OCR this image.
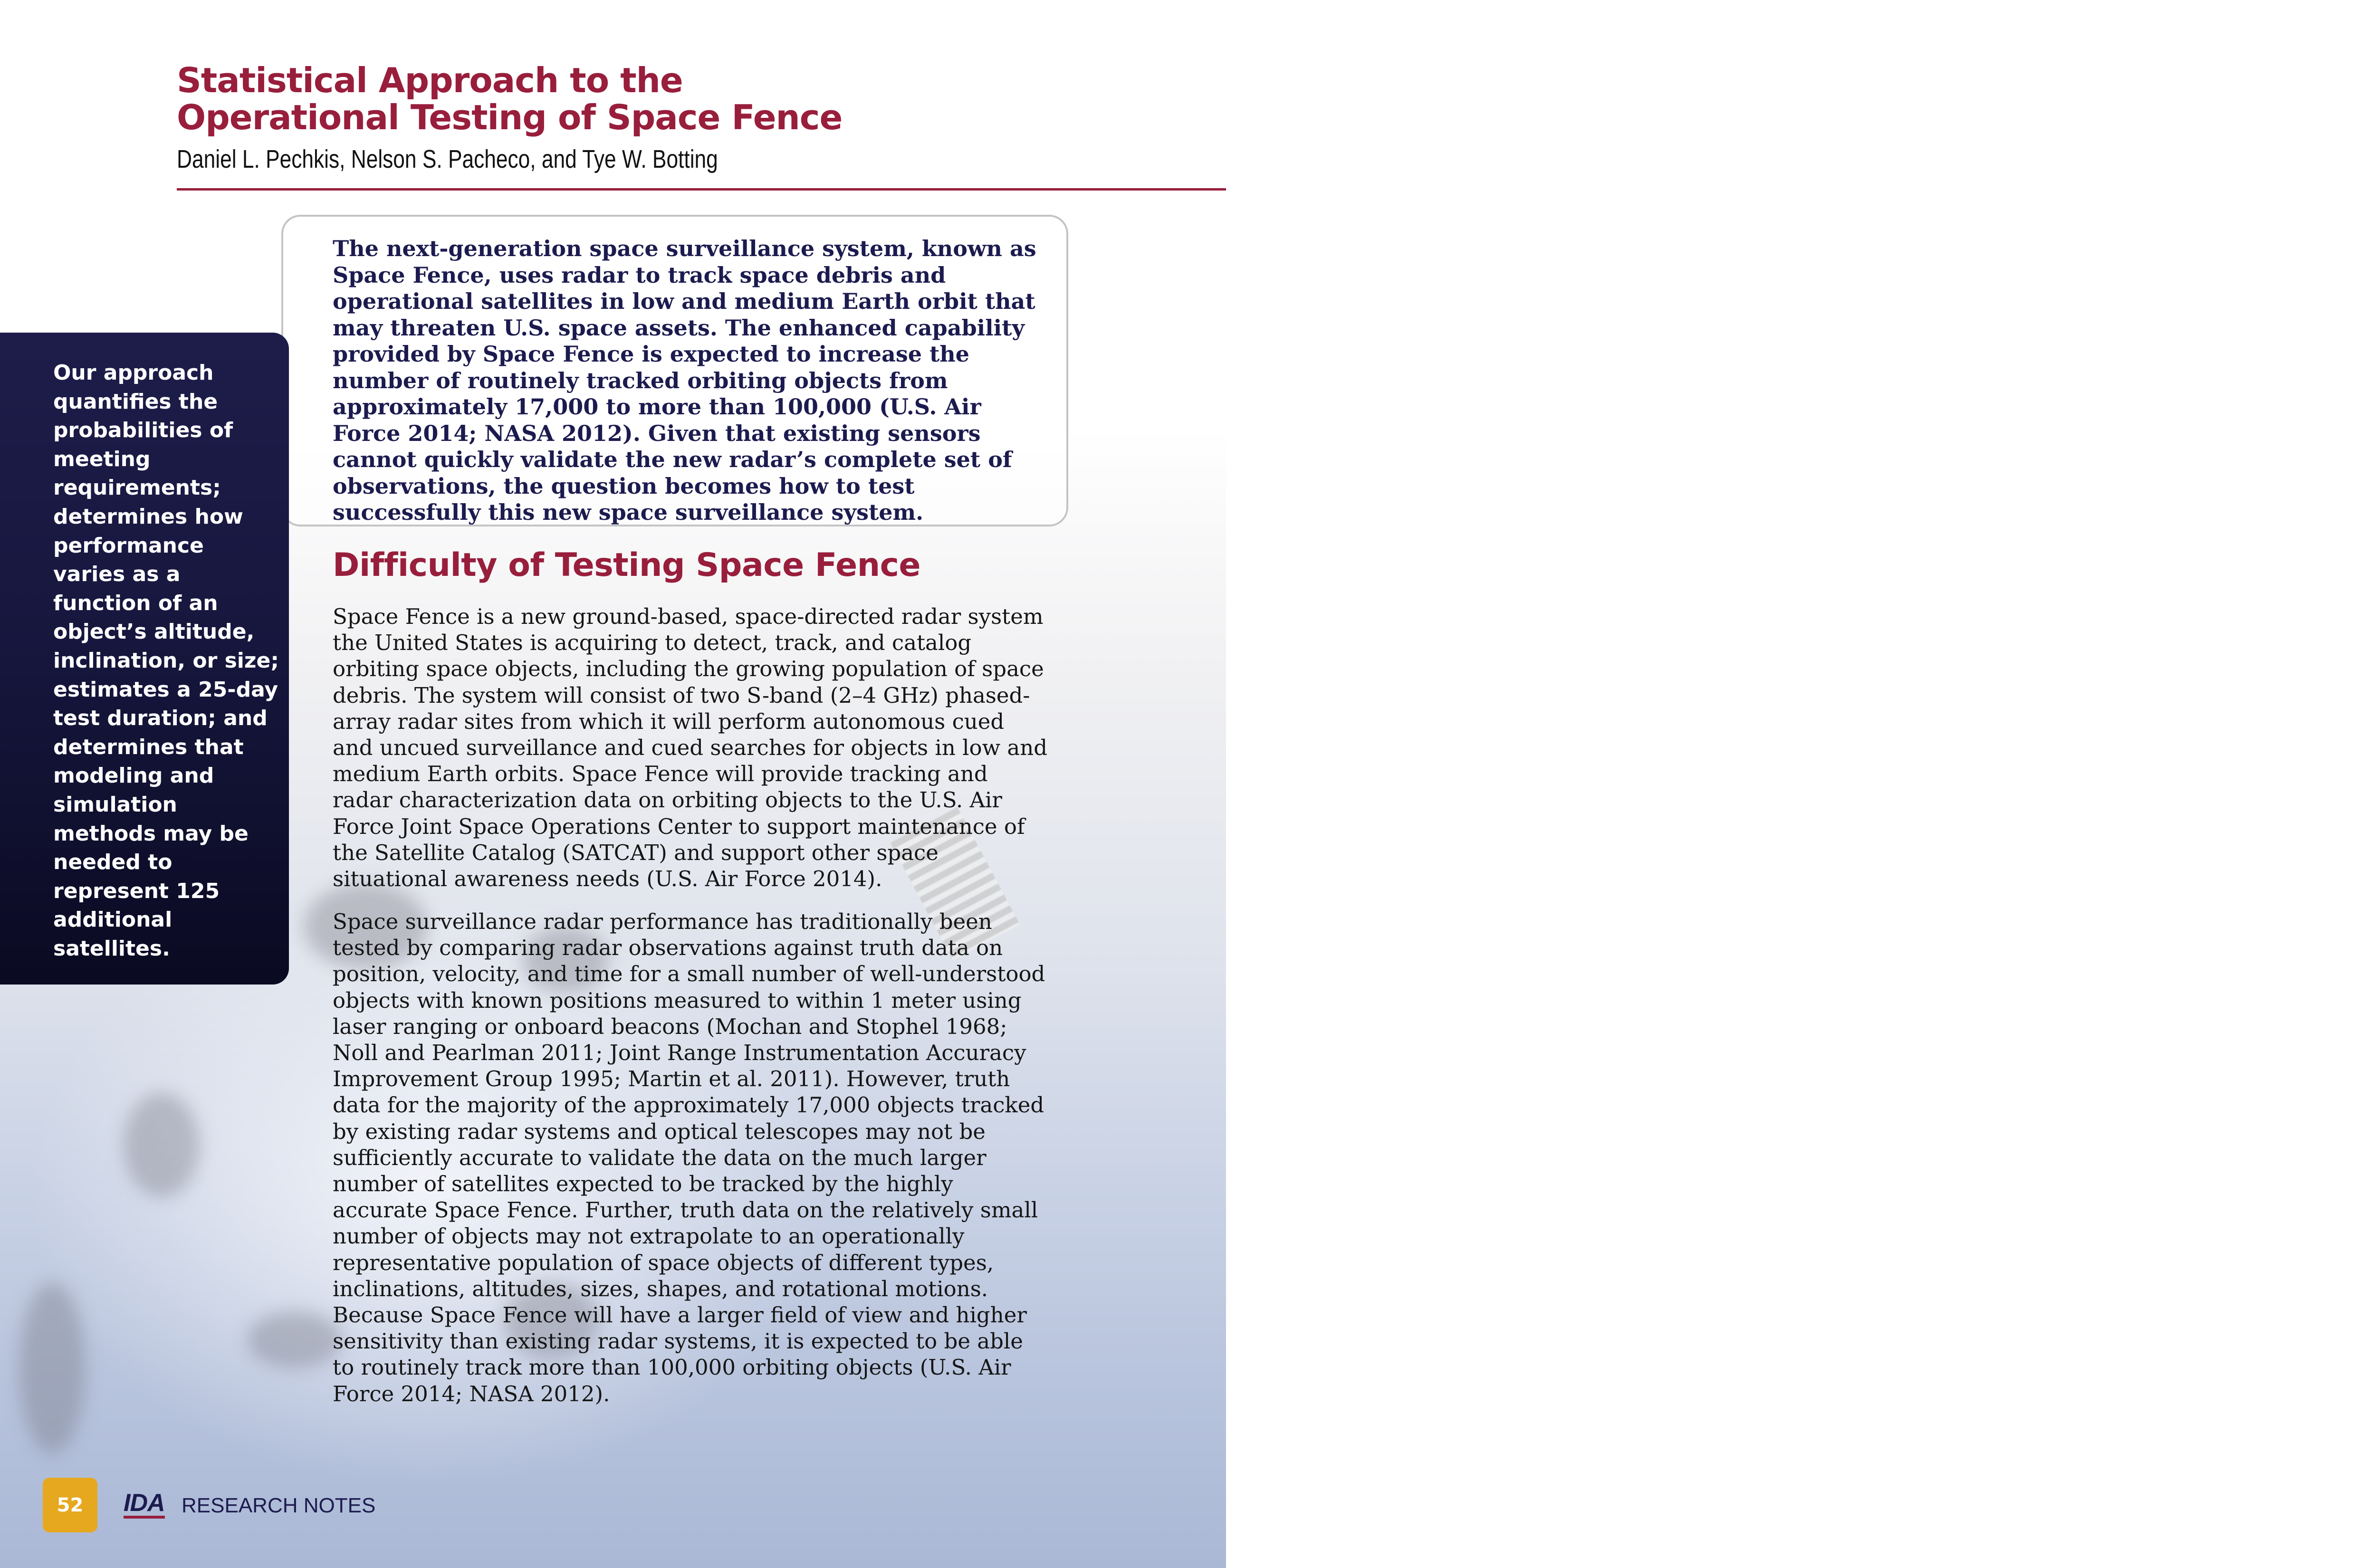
Statistical Approach to the
Operational Testing of Space Fence
Daniel L. Pechkis, Nelson S. Pacheco, and Tye W. Botting
The next-generation space surveillance system, known as Space Fence, uses radar to track space debris and operational satellites in low and medium Earth orbit that may threaten U.S. space assets. The enhanced capability provided by Space Fence is expected to increase the number of routinely tracked orbiting objects from approximately 17,000 to more than 100,000 (U.S. Air Force 2014; NASA 2012). Given that existing sensors cannot quickly validate the new radar’s complete set of observations, the question becomes how to test successfully this new space surveillance system.
Our approach quantifies the probabilities of meeting requirements; determines how performance varies as a function of an object’s altitude, inclination, or size; estimates a 25-day test duration; and determines that modeling and simulation methods may be needed to represent 125 additional satellites.
Difficulty of Testing Space Fence

Space Fence is a new ground-based, space-directed radar system the United States is acquiring to detect, track, and catalog orbiting space objects, including the growing population of space debris. The system will consist of two S-band (2–4 GHz) phased-array radar sites from which it will perform autonomous cued and uncued surveillance and cued searches for objects in low and medium Earth orbits. Space Fence will provide tracking and radar characterization data on orbiting objects to the U.S. Air Force Joint Space Operations Center to support maintenance of the Satellite Catalog (SATCAT) and support other space situational awareness needs (U.S. Air Force 2014).

Space surveillance radar performance has traditionally been tested by comparing radar observations against truth data on position, velocity, and time for a small number of well-understood objects with known positions measured to within 1 meter using laser ranging or onboard beacons (Mochan and Stophel 1968; Noll and Pearlman 2011; Joint Range Instrumentation Accuracy Improvement Group 1995; Martin et al. 2011). However, truth data for the majority of the approximately 17,000 objects tracked by existing radar systems and optical telescopes may not be sufficiently accurate to validate the data on the much larger number of satellites expected to be tracked by the highly accurate Space Fence. Further, truth data on the relatively small number of objects may not extrapolate to an operationally representative population of space objects of different types, inclinations, altitudes, sizes, shapes, and rotational motions. Because Space Fence will have a larger field of view and higher sensitivity than existing radar systems, it is expected to be able to routinely track more than 100,000 orbiting objects (U.S. Air Force 2014; NASA 2012).

52	IDA RESEARCH NOTES
